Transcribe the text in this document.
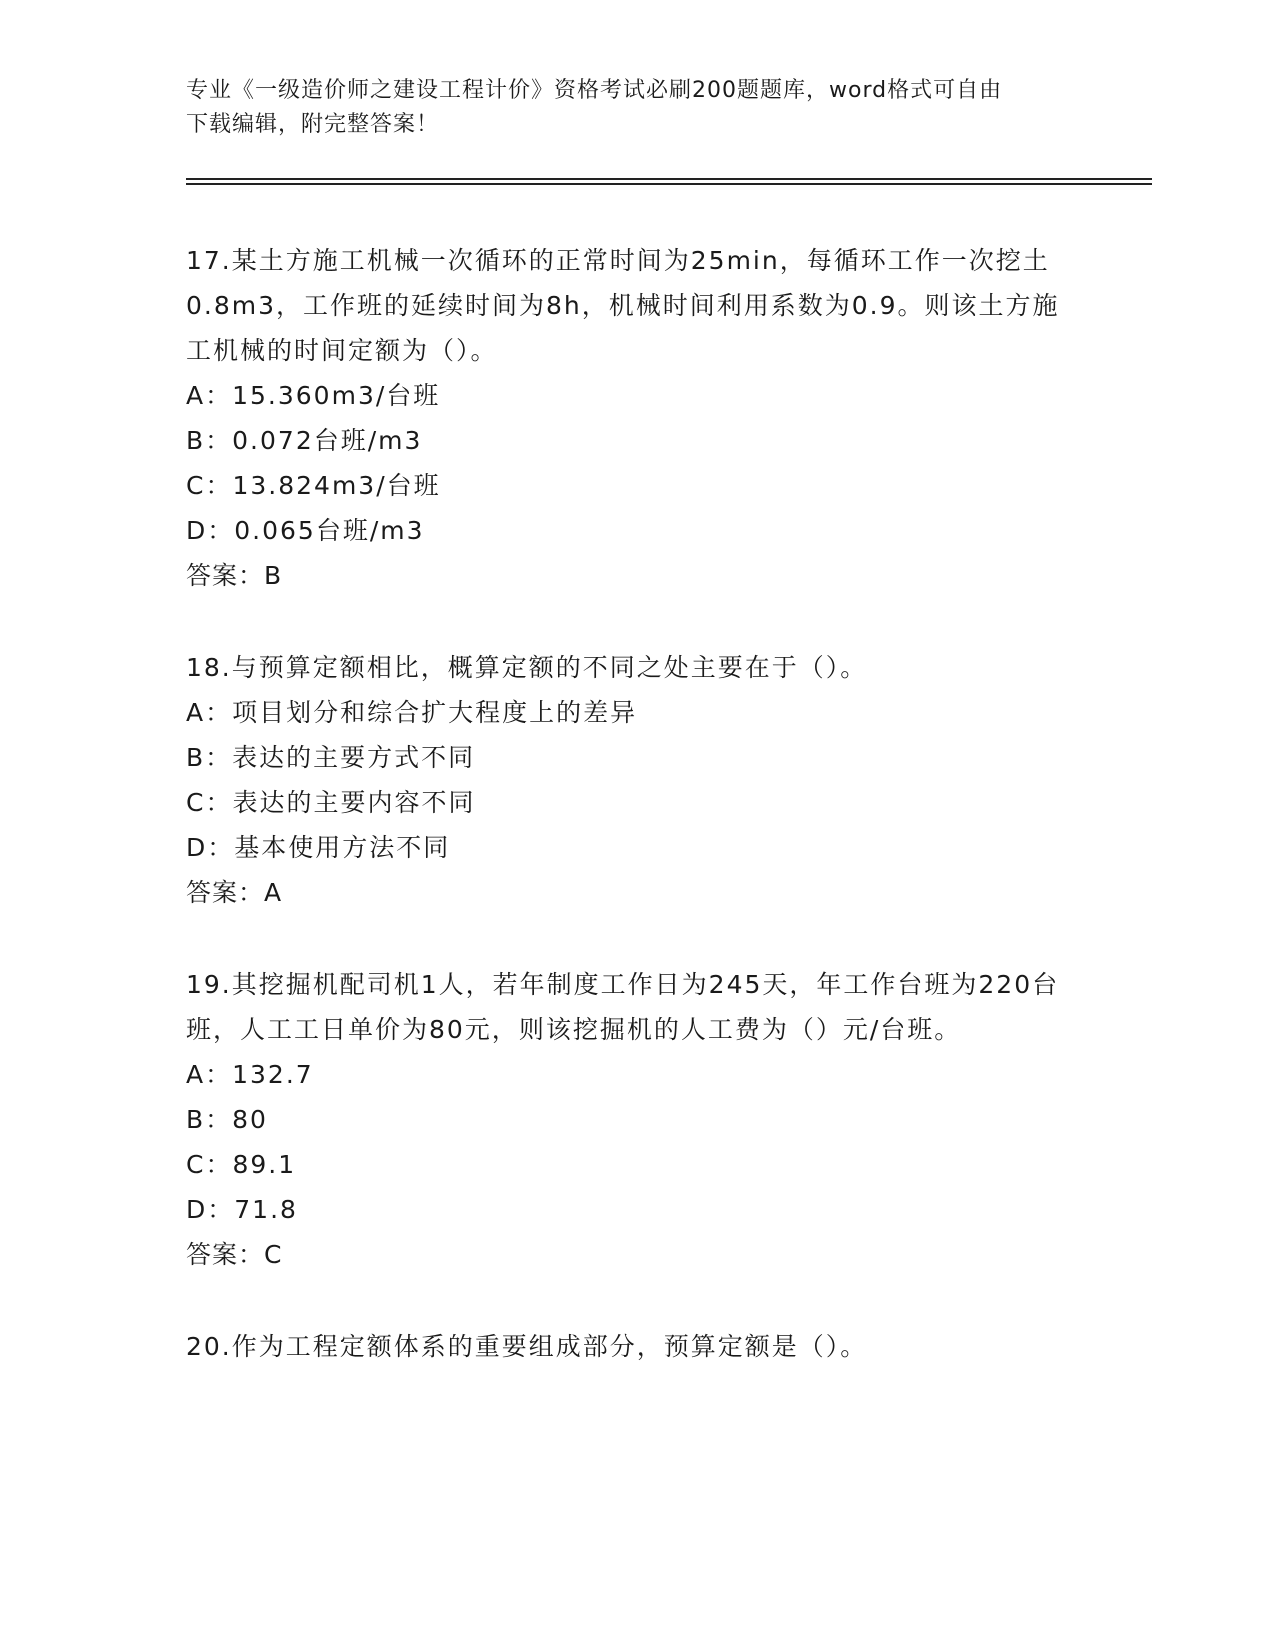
专业《一级造价师之建设工程计价》资格考试必刷200题题库，word格式可自由
下载编辑，附完整答案！

17.某土方施工机械一次循环的正常时间为25min，每循环工作一次挖土0.8m3，工作班的延续时间为8h，机械时间利用系数为0.9。则该土方施工机械的时间定额为（）。

A：15.360m3/台班

B：0.072台班/m3

C：13.824m3/台班

D：0.065台班/m3

答案：B

18.与预算定额相比，概算定额的不同之处主要在于（）。

A：项目划分和综合扩大程度上的差异

B：表达的主要方式不同

C：表达的主要内容不同

D：基本使用方法不同

答案：A

19.其挖掘机配司机1人，若年制度工作日为245天，年工作台班为220台班，人工工日单价为80元，则该挖掘机的人工费为（）元/台班。

A：132.7

B：80

C：89.1

D：71.8

答案：C

20.作为工程定额体系的重要组成部分，预算定额是（）。
